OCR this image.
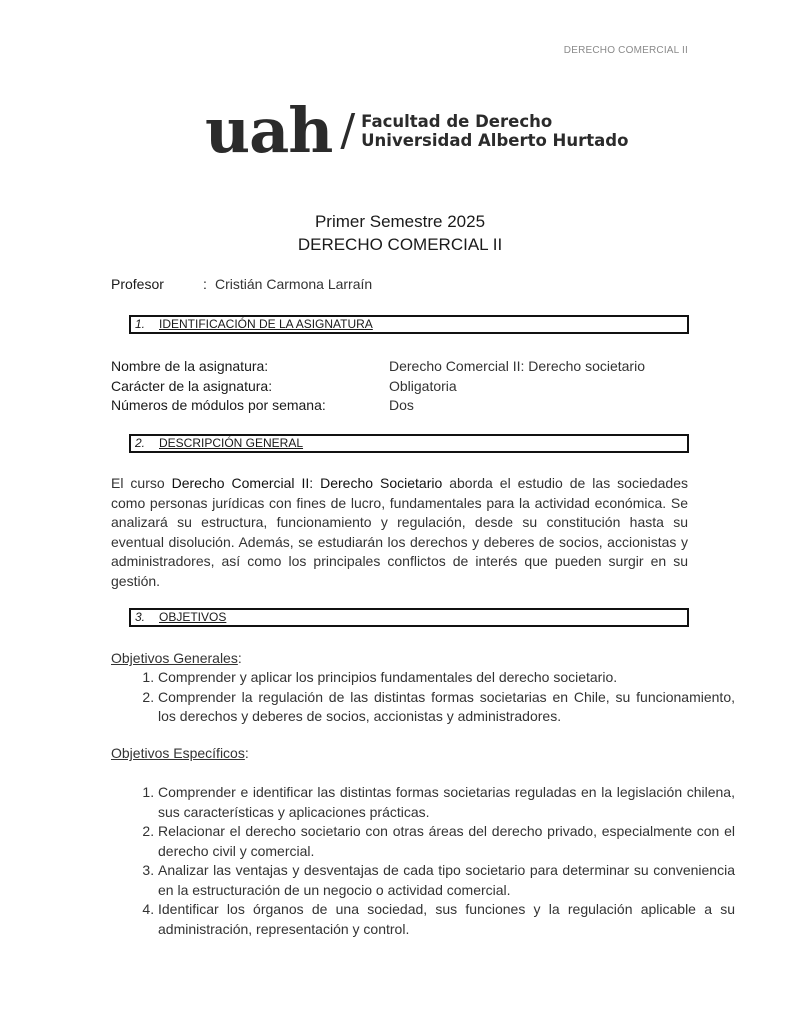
DERECHO COMERCIAL II
uah / Facultad de Derecho
Universidad Alberto Hurtado
Primer Semestre 2025
DERECHO COMERCIAL II
Profesor	: Cristián Carmona Larraín
1.	IDENTIFICACIÓN DE LA ASIGNATURA
Nombre de la asignatura:	Derecho Comercial II: Derecho societario
Carácter de la asignatura:	Obligatoria
Números de módulos por semana:	Dos
2.	DESCRIPCIÓN GENERAL
El curso Derecho Comercial II: Derecho Societario aborda el estudio de las sociedades como personas jurídicas con fines de lucro, fundamentales para la actividad económica. Se analizará su estructura, funcionamiento y regulación, desde su constitución hasta su eventual disolución. Además, se estudiarán los derechos y deberes de socios, accionistas y administradores, así como los principales conflictos de interés que pueden surgir en su gestión.
3.	OBJETIVOS
Objetivos Generales:
1. Comprender y aplicar los principios fundamentales del derecho societario.
2. Comprender la regulación de las distintas formas societarias en Chile, su funcionamiento, los derechos y deberes de socios, accionistas y administradores.
Objetivos Específicos:
1. Comprender e identificar las distintas formas societarias reguladas en la legislación chilena, sus características y aplicaciones prácticas.
2. Relacionar el derecho societario con otras áreas del derecho privado, especialmente con el derecho civil y comercial.
3. Analizar las ventajas y desventajas de cada tipo societario para determinar su conveniencia en la estructuración de un negocio o actividad comercial.
4. Identificar los órganos de una sociedad, sus funciones y la regulación aplicable a su administración, representación y control.
